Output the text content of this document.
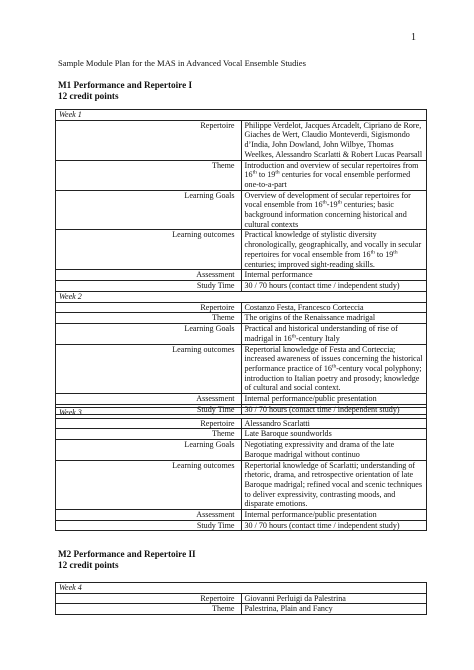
1
Sample Module Plan for the MAS in Advanced Vocal Ensemble Studies
M1 Performance and Repertoire I
12 credit points
Week 1	
Repertoire	Philippe Verdelot, Jacques Arcadelt, Cipriano de Rore, Giaches de Wert, Claudio Monteverdi, Sigismondo d’India, John Dowland, John Wilbye, Thomas Weelkes, Alessandro Scarlatti & Robert Lucas Pearsall
Theme	Introduction and overview of secular repertoires from 16th to 19th centuries for vocal ensemble performed one-to-a-part
Learning Goals	Overview of development of secular repertoires for vocal ensemble from 16th-19th centuries; basic background information concerning historical and cultural contexts
Learning outcomes	Practical knowledge of stylistic diversity chronologically, geographically, and vocally in secular repertoires for vocal ensemble from 16th to 19th centuries; improved sight-reading skills.
Assessment	Internal performance
Study Time	30 / 70 hours (contact time / independent study)
Week 2	
Repertoire	Costanzo Festa, Francesco Corteccia
Theme	The origins of the Renaissance madrigal
Learning Goals	Practical and historical understanding of rise of madrigal in 16th-century Italy
Learning outcomes	Repertorial knowledge of Festa and Corteccia; increased awareness of issues concerning the historical performance practice of 16th-century vocal polyphony; introduction to Italian poetry and prosody; knowledge of cultural and social context.
Assessment	Internal performance/public presentation
Study Time	30 / 70 hours (contact time / independent study)
Week 3	
Repertoire	Alessandro Scarlatti
Theme	Late Baroque soundworlds
Learning Goals	Negotiating expressivity and drama of the late Baroque madrigal without continuo
Learning outcomes	Repertorial knowledge of Scarlatti; understanding of rhetoric, drama, and retrospective orientation of late Baroque madrigal; refined vocal and scenic techniques to deliver expressivity, contrasting moods, and disparate emotions.
Assessment	Internal performance/public presentation
Study Time	30 / 70 hours (contact time / independent study)
M2 Performance and Repertoire II
12 credit points
Week 4	
Repertoire	Giovanni Perluigi da Palestrina
Theme	Palestrina, Plain and Fancy
